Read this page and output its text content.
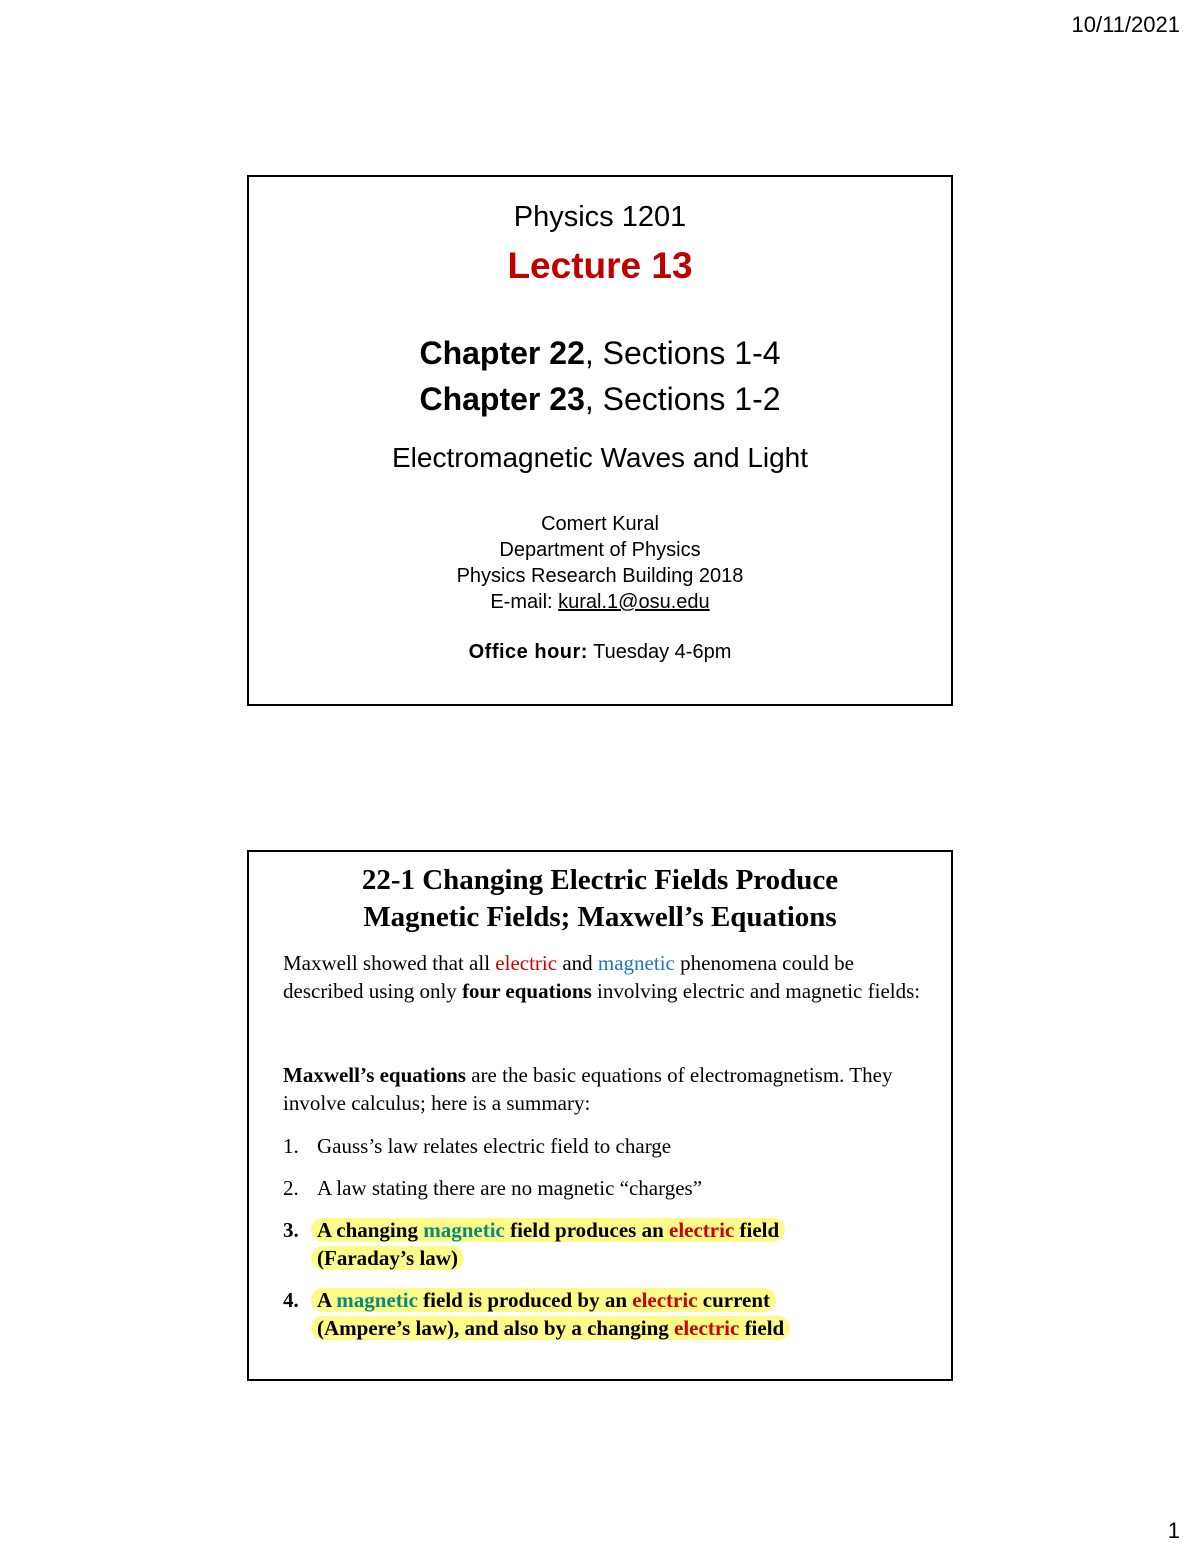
10/11/2021
Physics 1201
Lecture 13
Chapter 22, Sections 1-4
Chapter 23, Sections 1-2
Electromagnetic Waves and Light
Comert Kural
Department of Physics
Physics Research Building 2018
E-mail: kural.1@osu.edu
Office hour: Tuesday 4-6pm
22-1 Changing Electric Fields Produce
Magnetic Fields; Maxwell’s Equations
Maxwell showed that all electric and magnetic phenomena could be described using only four equations involving electric and magnetic fields:
Maxwell’s equations are the basic equations of electromagnetism. They involve calculus; here is a summary:
1. Gauss’s law relates electric field to charge
2. A law stating there are no magnetic “charges”
3. A changing magnetic field produces an electric field
(Faraday’s law)
4. A magnetic field is produced by an electric current
(Ampere’s law), and also by a changing electric field
1
